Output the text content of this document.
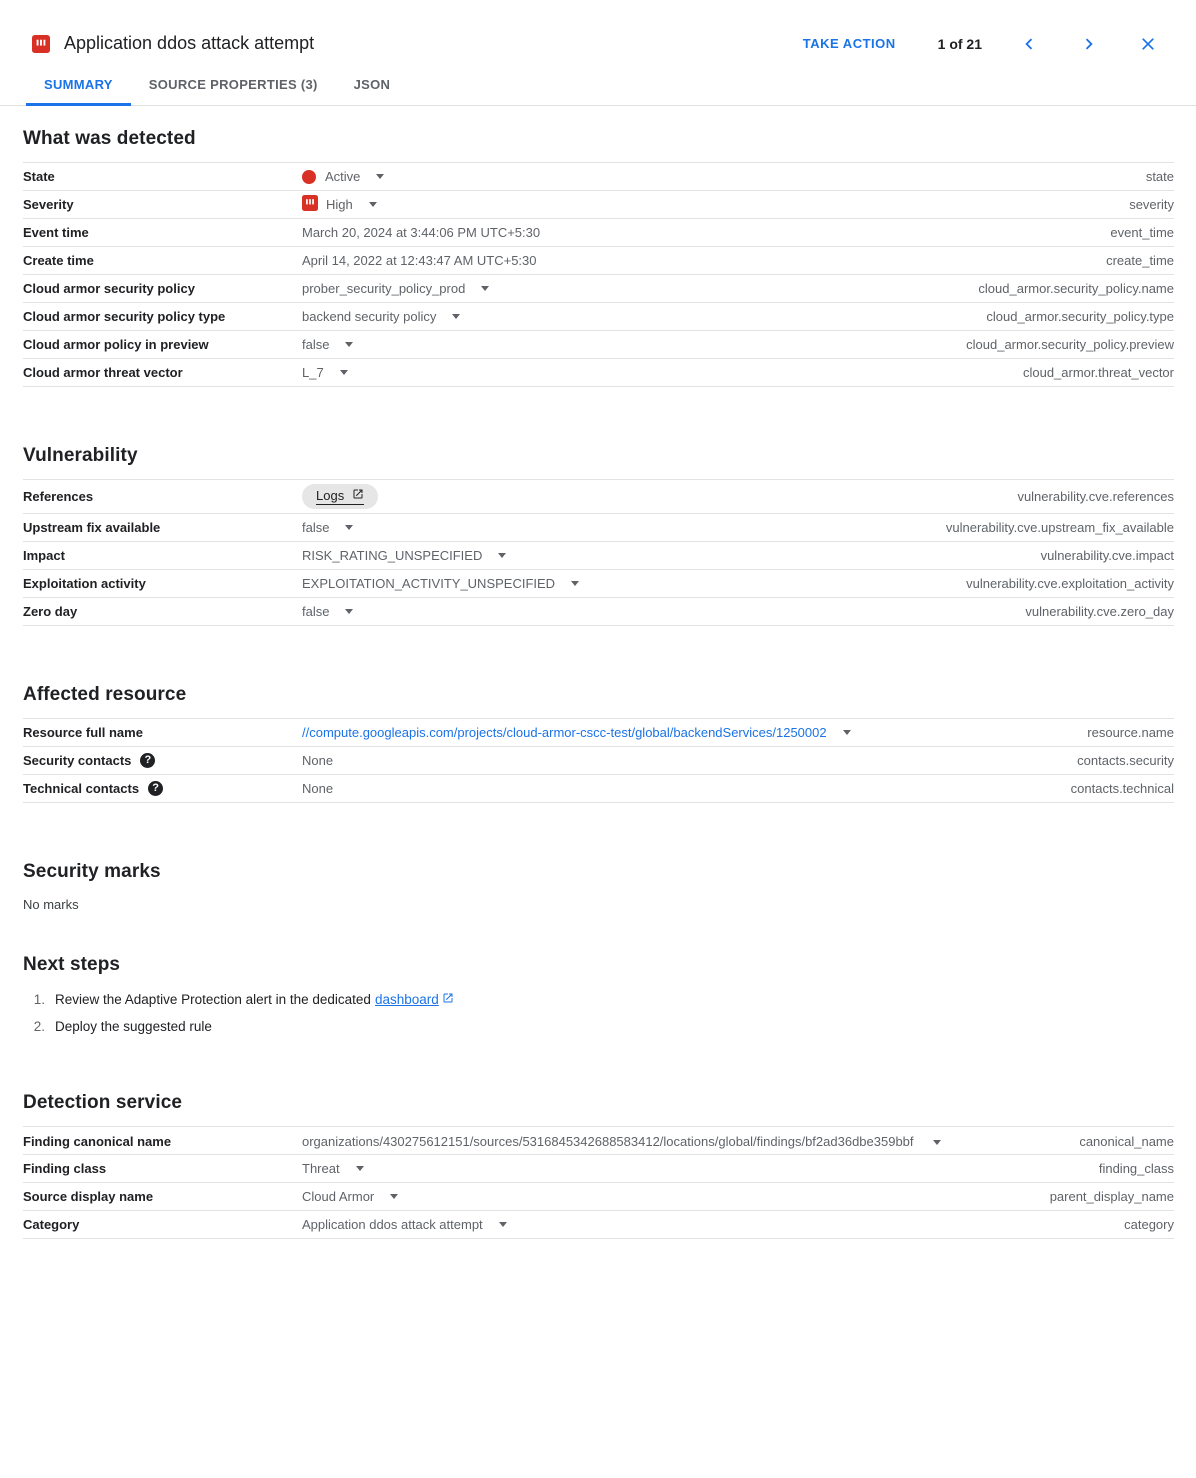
Application ddos attack attempt	TAKE ACTION	1 of 21
SUMMARY	SOURCE PROPERTIES (3)	JSON
What was detected
State	Active	state
Severity	High	severity
Event time	March 20, 2024 at 3:44:06 PM UTC+5:30	event_time
Create time	April 14, 2022 at 12:43:47 AM UTC+5:30	create_time
Cloud armor security policy	prober_security_policy_prod	cloud_armor.security_policy.name
Cloud armor security policy type	backend security policy	cloud_armor.security_policy.type
Cloud armor policy in preview	false	cloud_armor.security_policy.preview
Cloud armor threat vector	L_7	cloud_armor.threat_vector
Vulnerability
References	Logs	vulnerability.cve.references
Upstream fix available	false	vulnerability.cve.upstream_fix_available
Impact	RISK_RATING_UNSPECIFIED	vulnerability.cve.impact
Exploitation activity	EXPLOITATION_ACTIVITY_UNSPECIFIED	vulnerability.cve.exploitation_activity
Zero day	false	vulnerability.cve.zero_day
Affected resource
Resource full name	//compute.googleapis.com/projects/cloud-armor-cscc-test/global/backendServices/1250002	resource.name
Security contacts	?	None	contacts.security
Technical contacts	?	None	contacts.technical
Security marks
No marks
Next steps
1. Review the Adaptive Protection alert in the dedicated dashboard
2. Deploy the suggested rule
Detection service
Finding canonical name	organizations/430275612151/sources/5316845342688583412/locations/global/findings/bf2ad36dbe359bbf	canonical_name
Finding class	Threat	finding_class
Source display name	Cloud Armor	parent_display_name
Category	Application ddos attack attempt	category
